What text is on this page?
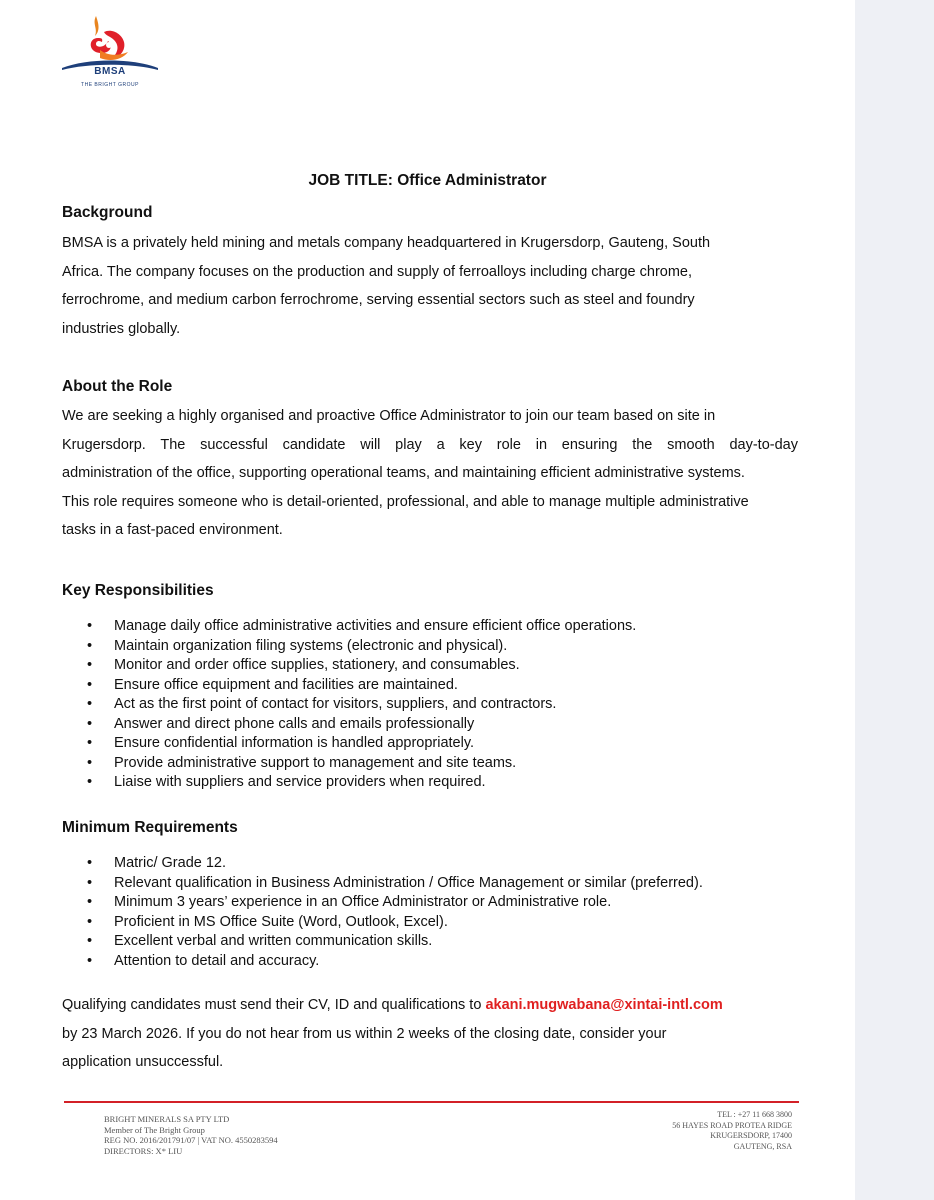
BMSA
THE BRIGHT GROUP
JOB TITLE: Office Administrator
Background
BMSA is a privately held mining and metals company headquartered in Krugersdorp, Gauteng, South
Africa. The company focuses on the production and supply of ferroalloys including charge chrome,
ferrochrome, and medium carbon ferrochrome, serving essential sectors such as steel and foundry
industries globally.
About the Role
We are seeking a highly organised and proactive Office Administrator to join our team based on site in
Krugersdorp. The successful candidate will play a key role in ensuring the smooth day-to-day
administration of the office, supporting operational teams, and maintaining efficient administrative systems.
This role requires someone who is detail-oriented, professional, and able to manage multiple administrative
tasks in a fast-paced environment.
Key Responsibilities
• Manage daily office administrative activities and ensure efficient office operations.
• Maintain organization filing systems (electronic and physical).
• Monitor and order office supplies, stationery, and consumables.
• Ensure office equipment and facilities are maintained.
• Act as the first point of contact for visitors, suppliers, and contractors.
• Answer and direct phone calls and emails professionally
• Ensure confidential information is handled appropriately.
• Provide administrative support to management and site teams.
• Liaise with suppliers and service providers when required.
Minimum Requirements
• Matric/ Grade 12.
• Relevant qualification in Business Administration / Office Management or similar (preferred).
• Minimum 3 years’ experience in an Office Administrator or Administrative role.
• Proficient in MS Office Suite (Word, Outlook, Excel).
• Excellent verbal and written communication skills.
• Attention to detail and accuracy.
Qualifying candidates must send their CV, ID and qualifications to akani.mugwabana@xintai-intl.com
by 23 March 2026. If you do not hear from us within 2 weeks of the closing date, consider your
application unsuccessful.
BRIGHT MINERALS SA PTY LTD
Member of The Bright Group
REG NO. 2016/201791/07 | VAT NO. 4550283594
DIRECTORS: X* LIU
TEL : +27 11 668 3800
56 HAYES ROAD PROTEA RIDGE
KRUGERSDORP, 17400
GAUTENG, RSA
